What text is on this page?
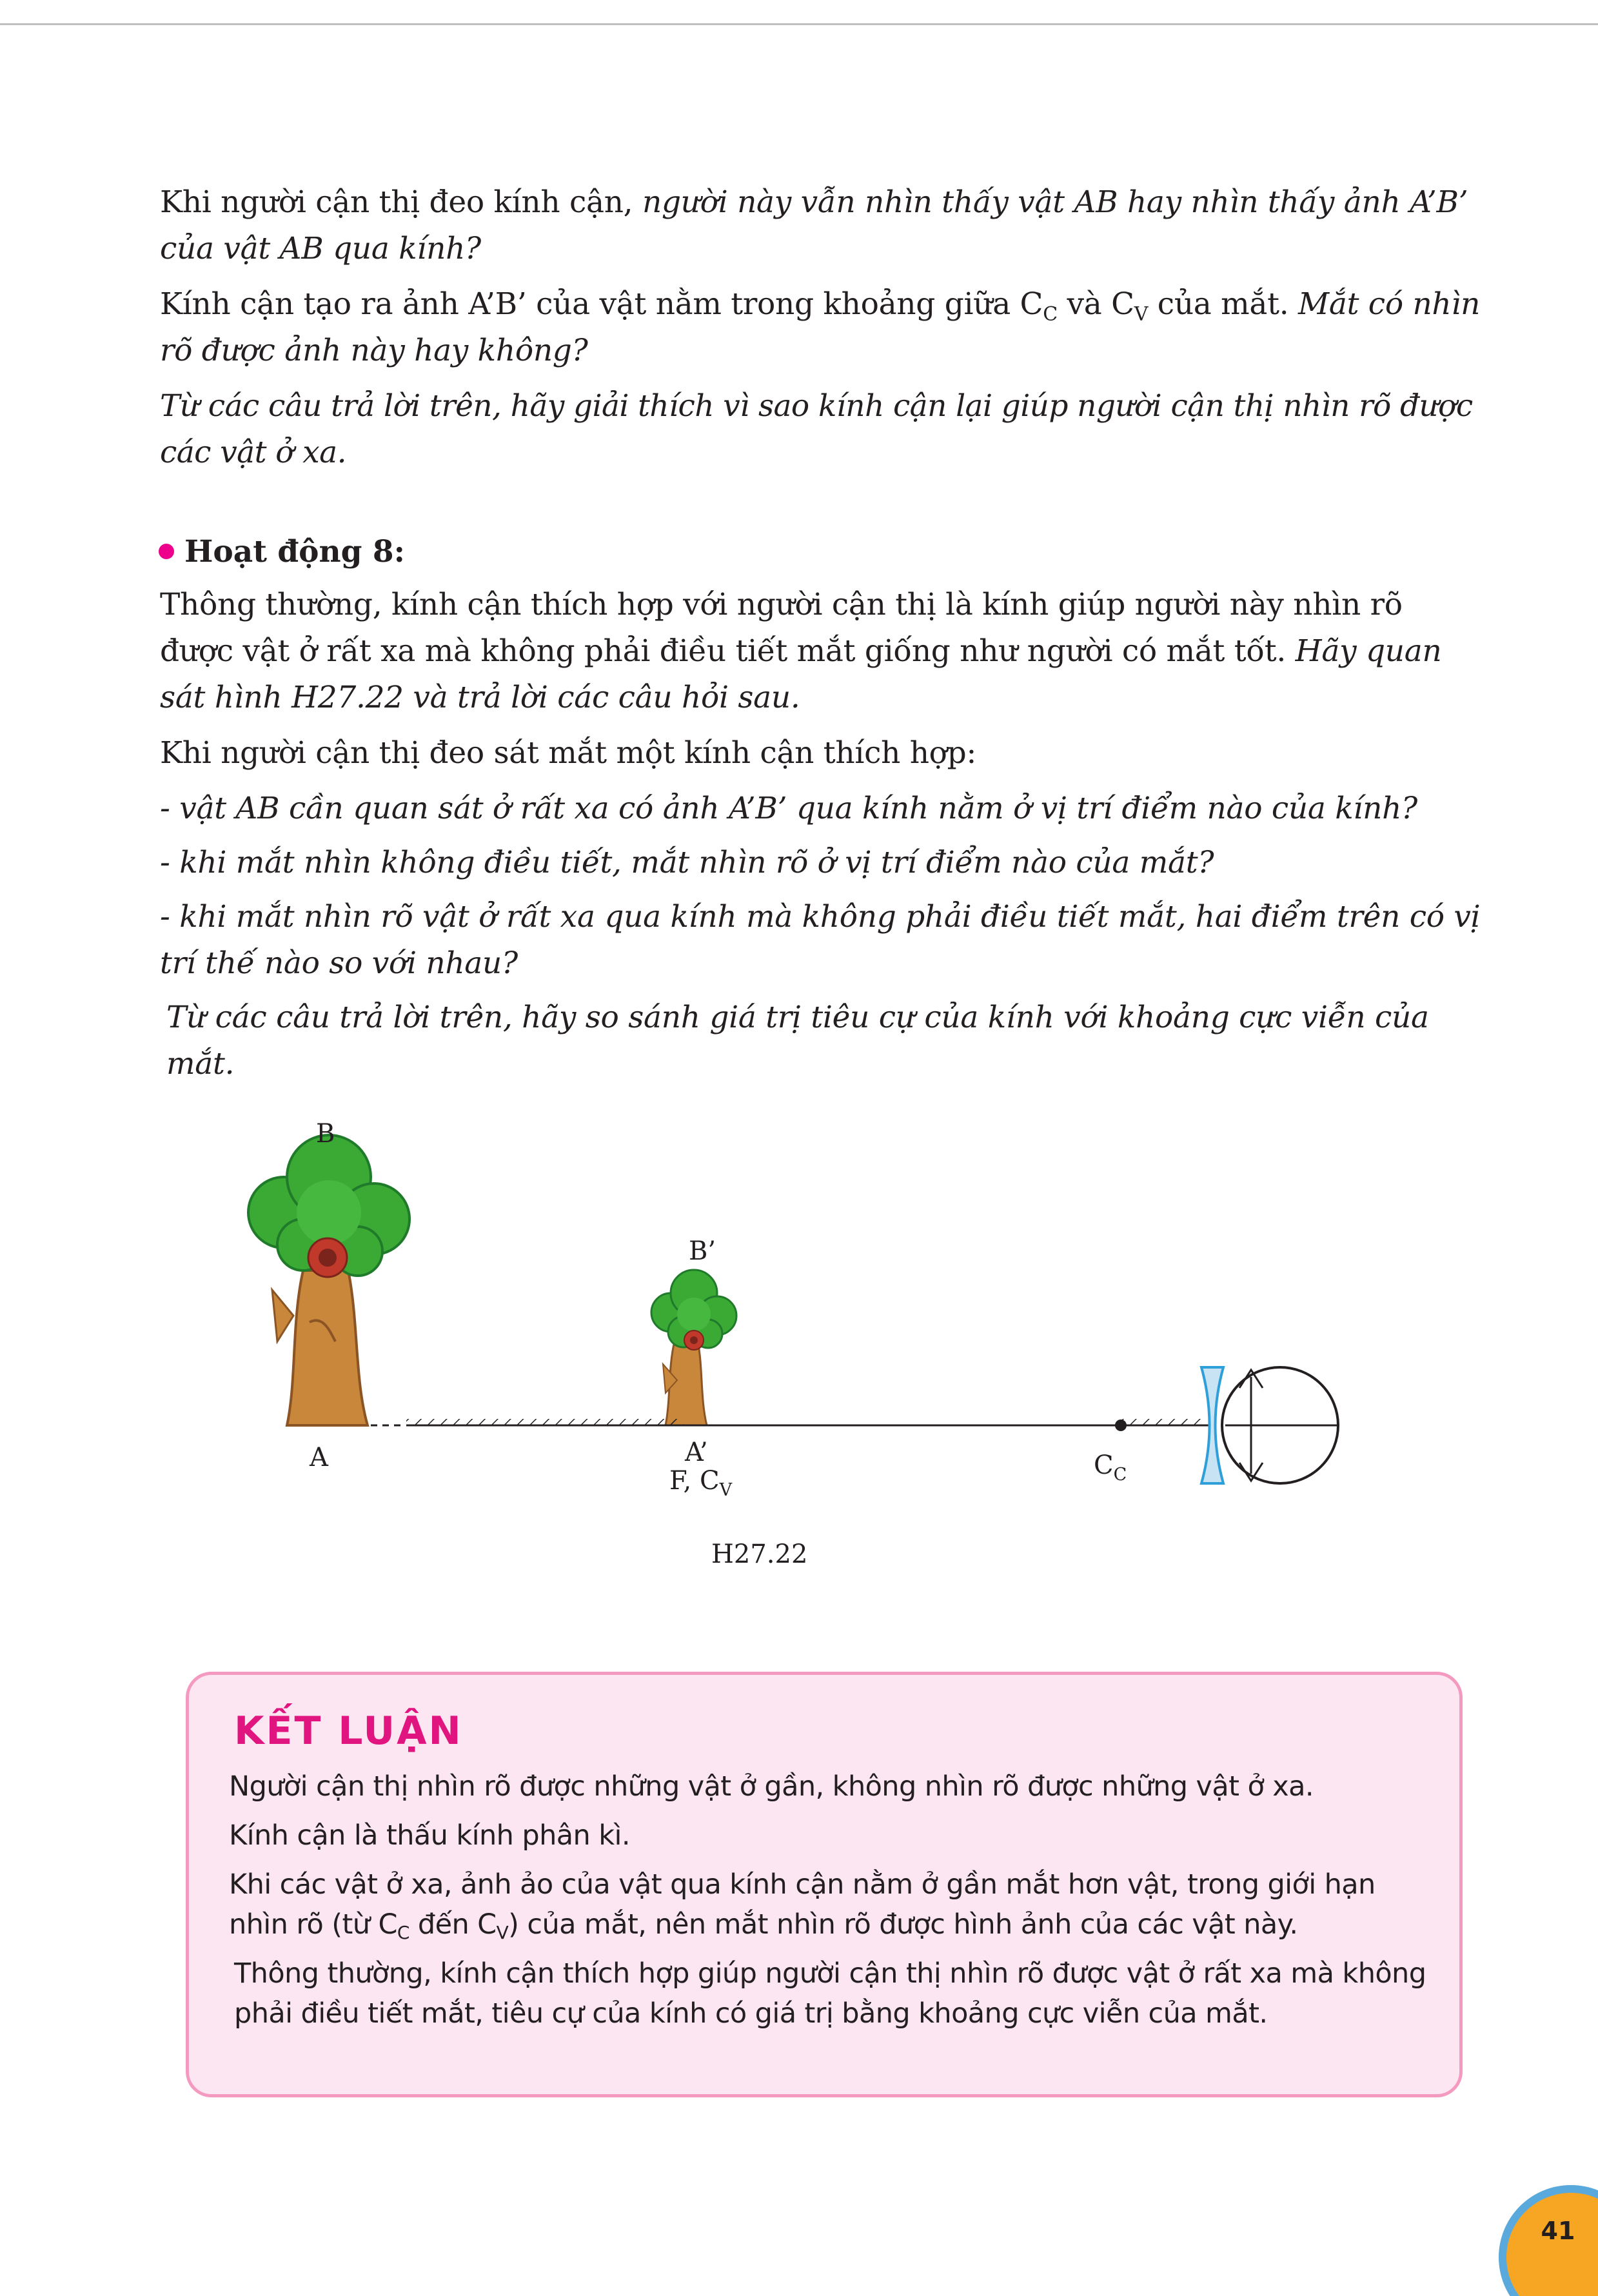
Khi người cận thị đeo kính cận, người này vẫn nhìn thấy vật AB hay nhìn thấy ảnh A’B’ của vật AB qua kính?

Kính cận tạo ra ảnh A’B’ của vật nằm trong khoảng giữa $C_C$ và $C_V$ của mắt. Mắt có nhìn rõ được ảnh này hay không?

Từ các câu trả lời trên, hãy giải thích vì sao kính cận lại giúp người cận thị nhìn rõ được các vật ở xa.

Hoạt động 8:

Thông thường, kính cận thích hợp với người cận thị là kính giúp người này nhìn rõ được vật ở rất xa mà không phải điều tiết mắt giống như người có mắt tốt. Hãy quan sát hình H27.22 và trả lời các câu hỏi sau.

Khi người cận thị đeo sát mắt một kính cận thích hợp:

- vật AB cần quan sát ở rất xa có ảnh A’B’ qua kính nằm ở vị trí điểm nào của kính?

- khi mắt nhìn không điều tiết, mắt nhìn rõ ở vị trí điểm nào của mắt?

- khi mắt nhìn rõ vật ở rất xa qua kính mà không phải điều tiết mắt, hai điểm trên có vị trí thế nào so với nhau?

Từ các câu trả lời trên, hãy so sánh giá trị tiêu cự của kính với khoảng cực viễn của mắt.

B
A
B’
A’
F, $C_V$
$C_C$
H27.22
KẾT LUẬN

Người cận thị nhìn rõ được những vật ở gần, không nhìn rõ được những vật ở xa.

Kính cận là thấu kính phân kì.

Khi các vật ở xa, ảnh ảo của vật qua kính cận nằm ở gần mắt hơn vật, trong giới hạn nhìn rõ (từ $C_C$ đến $C_V$) của mắt, nên mắt nhìn rõ được hình ảnh của các vật này.

Thông thường, kính cận thích hợp giúp người cận thị nhìn rõ được vật ở rất xa mà không phải điều tiết mắt, tiêu cự của kính có giá trị bằng khoảng cực viễn của mắt.

41
